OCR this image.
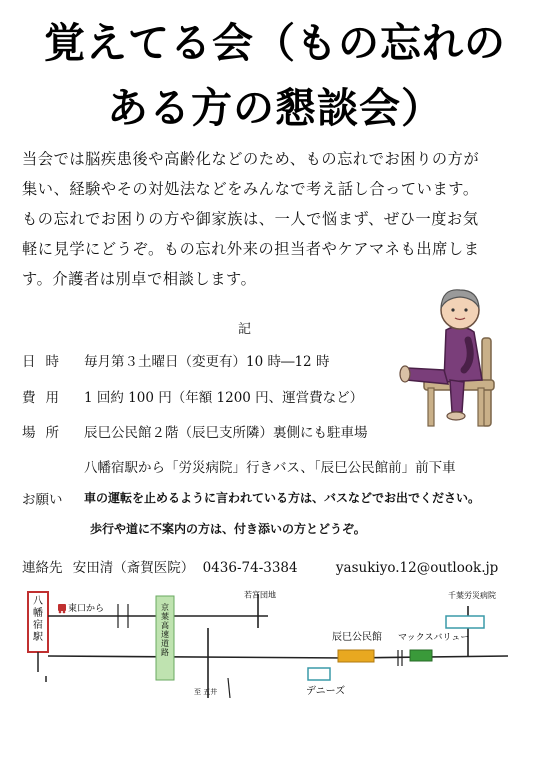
覚えてる会（もの忘れの
ある方の懇談会）

当会では脳疾患後や高齢化などのため、もの忘れでお困りの方が

集い、経験やその対処法などをみんなで考え話し合っています。

もの忘れでお困りの方や御家族は、一人で悩まず、ぜひ一度お気

軽に見学にどうぞ。もの忘れ外来の担当者やケアマネも出席しま

す。介護者は別卓で相談します。

記
日時 毎月第３土曜日（変更有）10 時―12 時
費用 1 回約 100 円（年額 1200 円、運営費など）
場所 辰巳公民館２階（辰巳支所隣）裏側にも駐車場
八幡宿駅から「労災病院」行きバス、「辰巳公民館前」前下車
お願い 車の運転を止めるように言われている方は、バスなどでお出でください。
歩行や道に不案内の方は、付き添いの方とどうぞ。
連絡先 安田清（斎賀医院） 0436-74-3384	yasukiyo.12@outlook.jp
八
幡
宿
駅
東口から	京
葉
高
速
道
路
若宮団地	千葉労災病院
辰巳公民館 マックスバリュー
デニーズ
至 五井
